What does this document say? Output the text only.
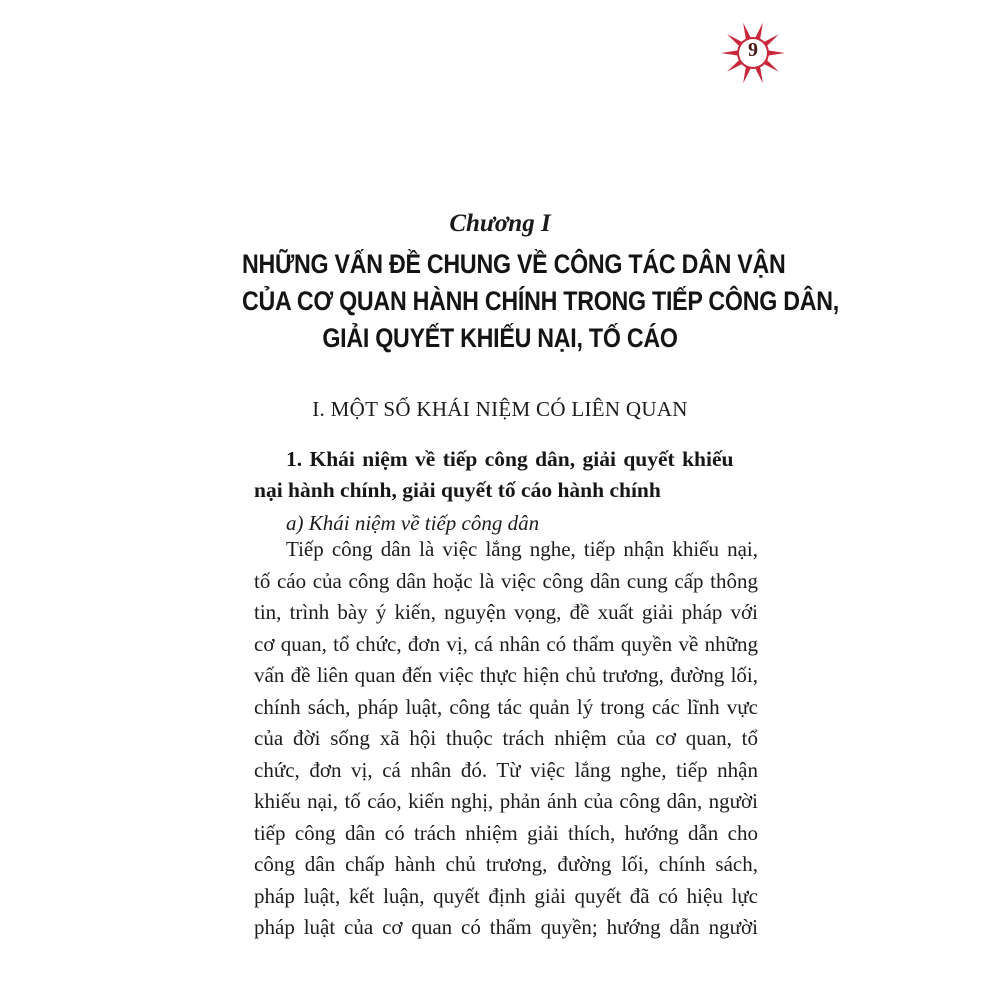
9
Chương I
NHỮNG VẤN ĐỀ CHUNG VỀ CÔNG TÁC DÂN VẬN
CỦA CƠ QUAN HÀNH CHÍNH TRONG TIẾP CÔNG DÂN,
GIẢI QUYẾT KHIẾU NẠI, TỐ CÁO
I. MỘT SỐ KHÁI NIỆM CÓ LIÊN QUAN
1. Khái niệm về tiếp công dân, giải quyết khiếu
nại hành chính, giải quyết tố cáo hành chính
a) Khái niệm về tiếp công dân
Tiếp công dân là việc lắng nghe, tiếp nhận khiếu nại,
tố cáo của công dân hoặc là việc công dân cung cấp thông
tin, trình bày ý kiến, nguyện vọng, đề xuất giải pháp với
cơ quan, tổ chức, đơn vị, cá nhân có thẩm quyền về những
vấn đề liên quan đến việc thực hiện chủ trương, đường lối,
chính sách, pháp luật, công tác quản lý trong các lĩnh vực
của đời sống xã hội thuộc trách nhiệm của cơ quan, tổ
chức, đơn vị, cá nhân đó. Từ việc lắng nghe, tiếp nhận
khiếu nại, tố cáo, kiến nghị, phản ánh của công dân, người
tiếp công dân có trách nhiệm giải thích, hướng dẫn cho
công dân chấp hành chủ trương, đường lối, chính sách,
pháp luật, kết luận, quyết định giải quyết đã có hiệu lực
pháp luật của cơ quan có thẩm quyền; hướng dẫn người
